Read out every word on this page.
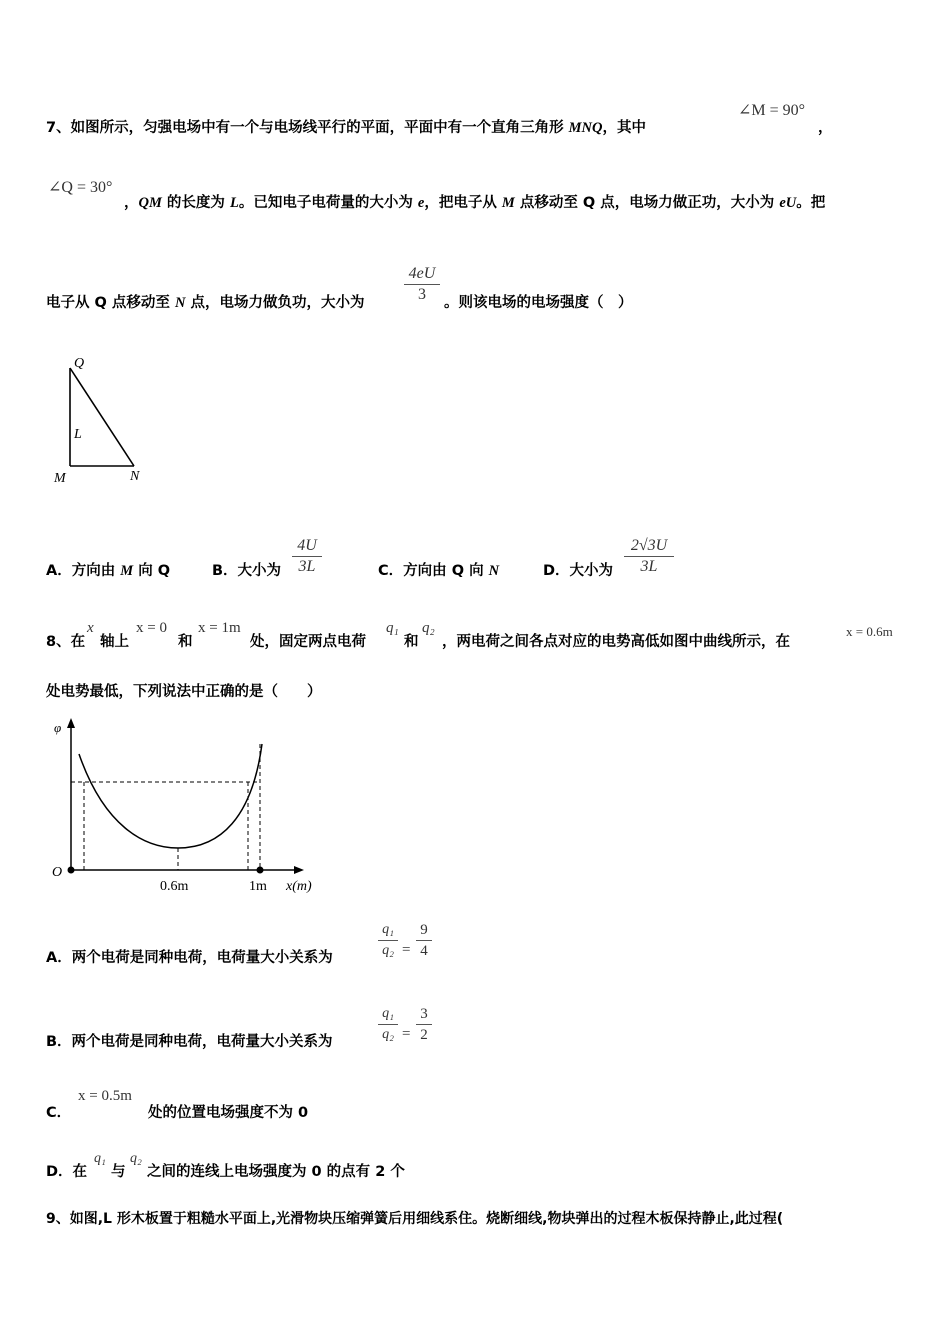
7、如图所示，匀强电场中有一个与电场线平行的平面，平面中有一个直角三角形 MNQ，其中
∠M = 90°
，
∠Q = 30°
，QM 的长度为 L。已知电子电荷量的大小为 e，把电子从 M 点移动至 Q 点，电场力做正功，大小为 eU。把
电子从 Q 点移动至 N 点，电场力做负功，大小为
4eU
3	。则该电场的电场强度（　）
Q
L
M	N
A．方向由 M 向 Q	B．大小为
4U
3L	C．方向由 Q 向 N	D．大小为
2√3U
3L
8、在
x
轴上
x = 0
和
x = 1m
处，固定两点电荷
q₁
和
q₂
，两电荷之间各点对应的电势高低如图中曲线所示，在
x = 0.6m
处电势最低，下列说法中正确的是（　　）
φ
O
0.6m	1m x(m)
A．两个电荷是同种电荷，电荷量大小关系为
q₁
q₂ =
9
4
B．两个电荷是同种电荷，电荷量大小关系为
q₁
q₂ =
3
2
C．
x = 0.5m
处的位置电场强度不为 0
D．在
q₁
与
q₂
之间的连线上电场强度为 0 的点有 2 个
9、如图,L 形木板置于粗糙水平面上,光滑物块压缩弹簧后用细线系住。烧断细线,物块弹出的过程木板保持静止,此过程(
